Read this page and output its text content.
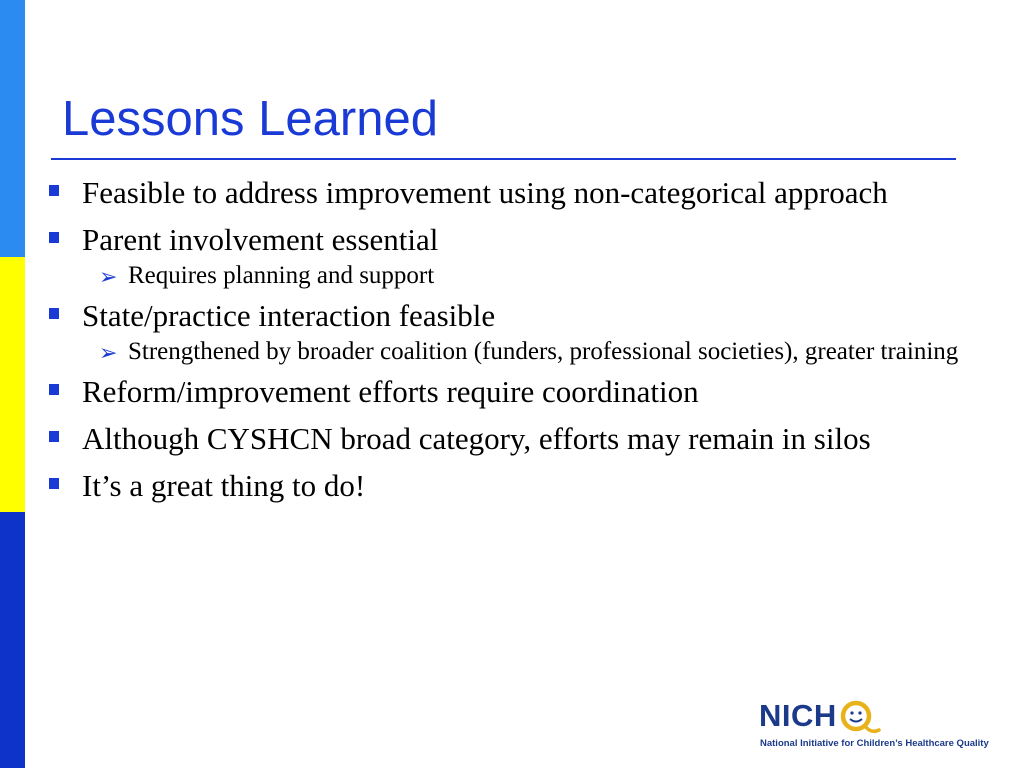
Lessons Learned
Feasible to address improvement using non-categorical approach
Parent involvement essential
➢ Requires planning and support
State/practice interaction feasible
➢ Strengthened by broader coalition (funders, professional societies), greater training
Reform/improvement efforts require coordination
Although CYSHCN broad category, efforts may remain in silos
It’s a great thing to do!
NICH
National Initiative for Children’s Healthcare Quality
